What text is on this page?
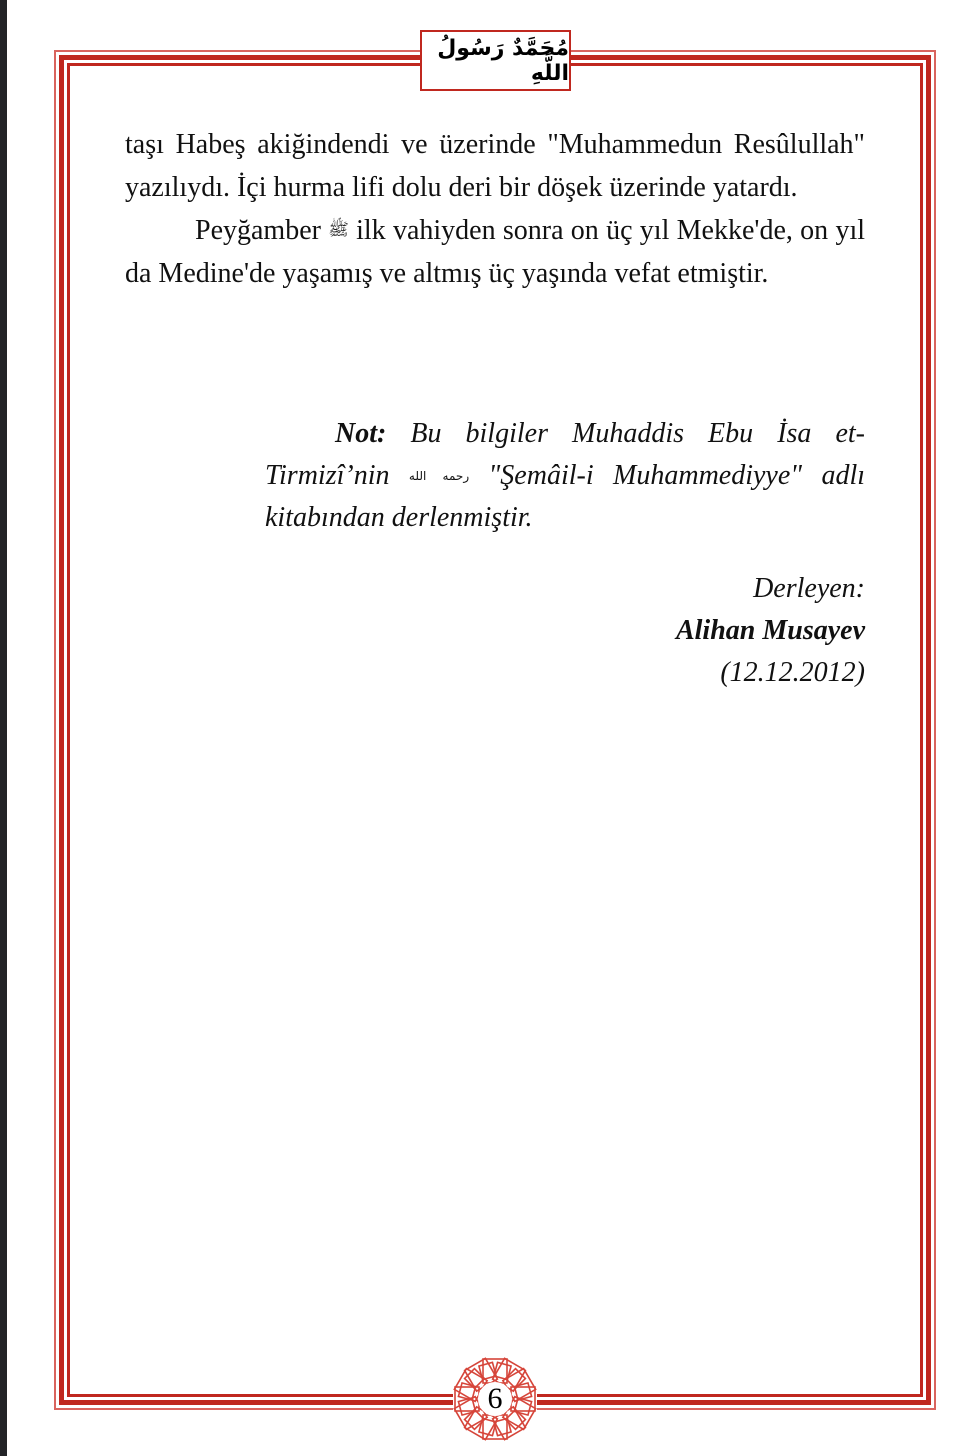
مُحَمَّدٌ رَسُولُ اللَّهِ

taşı Habeş akiğindendi ve üzerinde "Muhammedun Resûlullah" yazılıydı. İçi hurma lifi dolu deri bir döşek üzerinde yatardı.

Peyğamber ﷺ ilk vahiyden sonra on üç yıl Mekke'de, on yıl da Medine'de yaşamış ve altmış üç yaşında vefat etmiştir.

Not: Bu bilgiler Muhaddis Ebu İsa et-Tirmizî’nin رحمه الله "Şemâil-i Muhammediyye" adlı kitabından derlenmiştir.

Derleyen:
Alihan Musayev
(12.12.2012)
6
